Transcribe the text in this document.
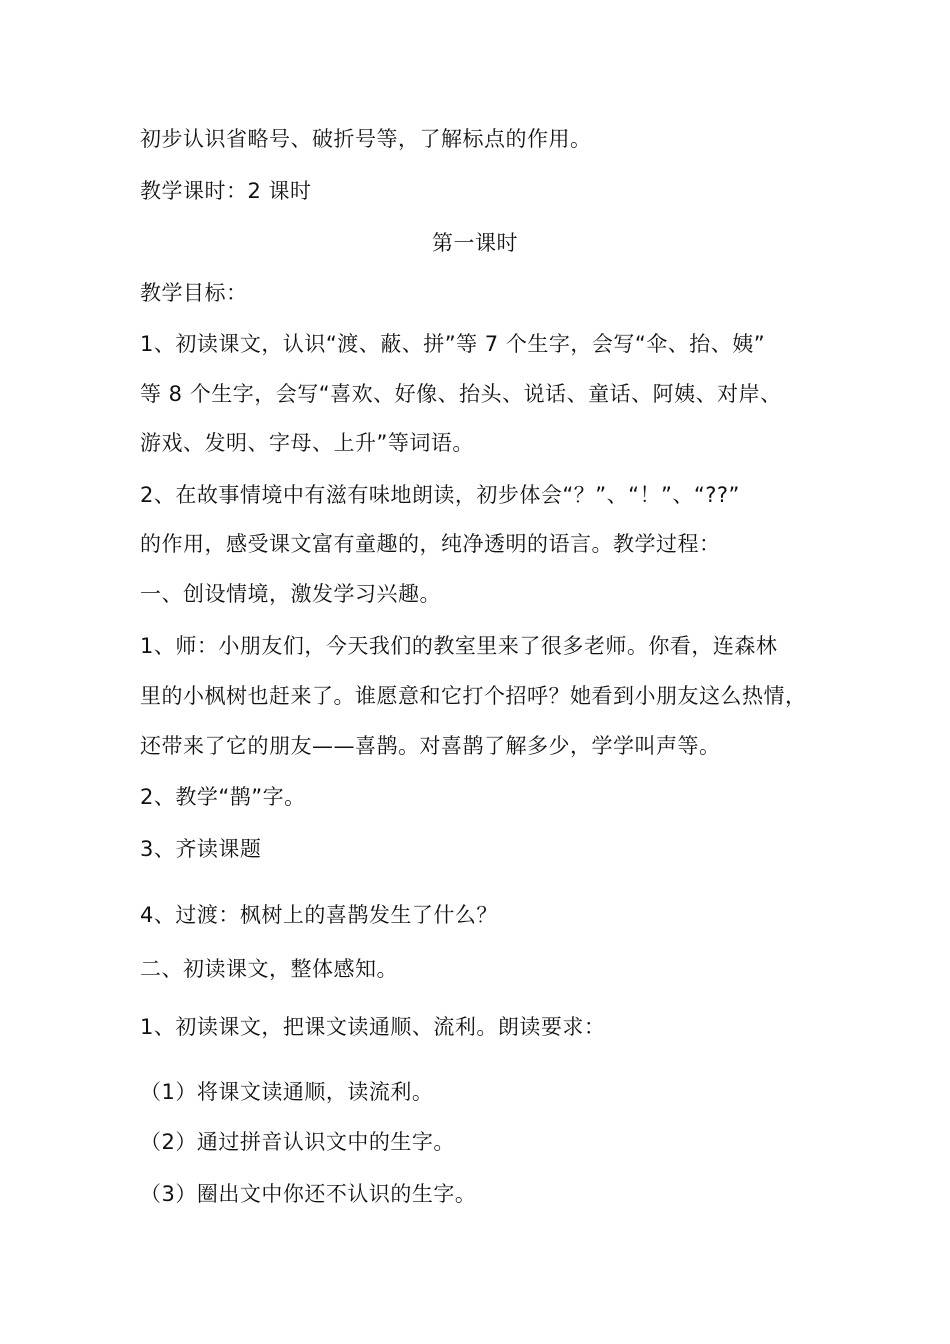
初步认识省略号、破折号等，了解标点的作用。
教学课时：2 课时
第一课时
教学目标：
1、初读课文，认识“渡、蔽、拼”等 7 个生字，会写“伞、抬、姨”
等 8 个生字，会写“喜欢、好像、抬头、说话、童话、阿姨、对岸、
游戏、发明、字母、上升”等词语。
2、在故事情境中有滋有味地朗读，初步体会“？”、“！”、“??”
的作用，感受课文富有童趣的，纯净透明的语言。教学过程：
一、创设情境，激发学习兴趣。
1、师：小朋友们，今天我们的教室里来了很多老师。你看，连森林
里的小枫树也赶来了。谁愿意和它打个招呼？她看到小朋友这么热情，
还带来了它的朋友——喜鹊。对喜鹊了解多少，学学叫声等。
2、教学“鹊”字。
3、齐读课题
4、过渡：枫树上的喜鹊发生了什么？
二、初读课文，整体感知。
1、初读课文，把课文读通顺、流利。朗读要求：
（1）将课文读通顺，读流利。
（2）通过拼音认识文中的生字。
（3）圈出文中你还不认识的生字。
